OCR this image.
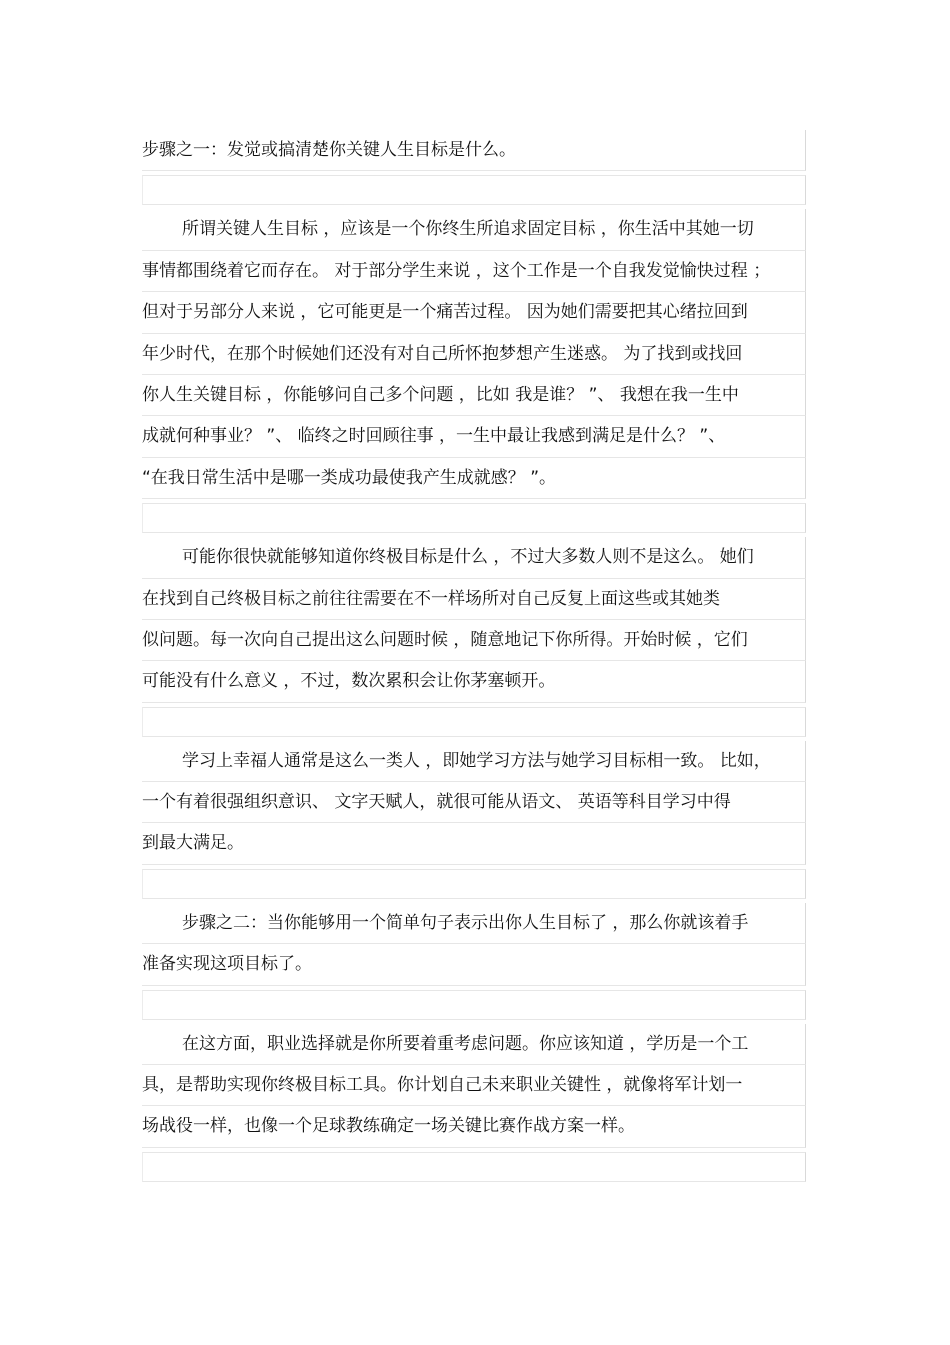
步骤之一：发觉或搞清楚你关键人生目标是什么。
所谓关键人生目标 ，应该是一个你终生所追求固定目标 ，你生活中其她一切
事情都围绕着它而存在。 对于部分学生来说 ，这个工作是一个自我发觉愉快过程 ；
但对于另部分人来说 ，它可能更是一个痛苦过程。 因为她们需要把其心绪拉回到
年少时代，在那个时候她们还没有对自己所怀抱梦想产生迷惑。 为了找到或找回
你人生关键目标 ，你能够问自己多个问题 ，比如 我是谁？ ”、 我想在我一生中
成就何种事业？ ”、 临终之时回顾往事 ，一生中最让我感到满足是什么？ ”、
“在我日常生活中是哪一类成功最使我产生成就感？ ”。
可能你很快就能够知道你终极目标是什么 ，不过大多数人则不是这么。 她们
在找到自己终极目标之前往往需要在不一样场所对自己反复上面这些或其她类
似问题。每一次向自己提出这么问题时候 ，随意地记下你所得。开始时候 ，它们
可能没有什么意义 ，不过，数次累积会让你茅塞顿开。
学习上幸福人通常是这么一类人 ，即她学习方法与她学习目标相一致。 比如，
一个有着很强组织意识、 文字天赋人，就很可能从语文、 英语等科目学习中得
到最大满足。
步骤之二：当你能够用一个简单句子表示出你人生目标了 ，那么你就该着手
准备实现这项目标了。
在这方面，职业选择就是你所要着重考虑问题。你应该知道 ，学历是一个工
具，是帮助实现你终极目标工具。你计划自己未来职业关键性 ，就像将军计划一
场战役一样，也像一个足球教练确定一场关键比赛作战方案一样。
